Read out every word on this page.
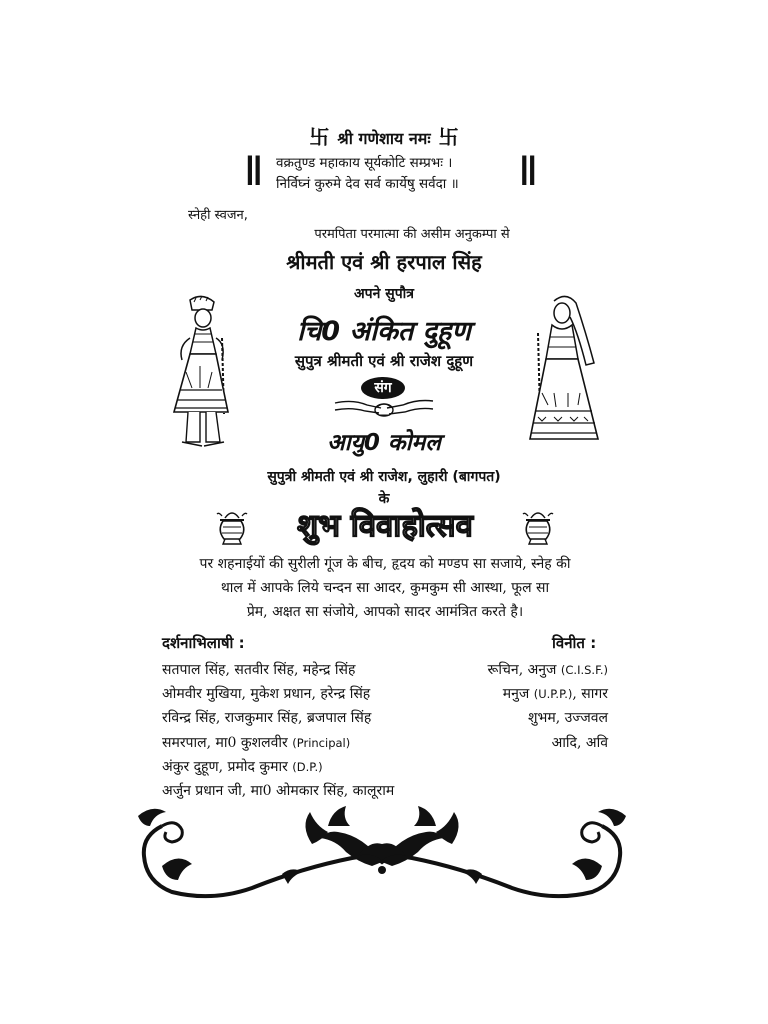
卐 श्री गणेशाय नमः 卐
ǀǀ वक्रतुण्ड महाकाय सूर्यकोटि सम्प्रभः ।
निर्विघ्नं कुरुमे देव सर्व कार्येषु सर्वदा ॥	ǀǀ
स्नेही स्वजन,
परमपिता परमात्मा की असीम अनुकम्पा से
श्रीमती एवं श्री हरपाल सिंह
अपने सुपौत्र
चि0 अंकित दुहूण
सुपुत्र श्रीमती एवं श्री राजेश दुहूण
संग
आयु0 कोमल
सुपुत्री श्रीमती एवं श्री राजेश, लुहारी (बागपत)
के
शुभ विवाहोत्सव
पर शहनाईयों की सुरीली गूंज के बीच, हृदय को मण्डप सा सजाये, स्नेह की
थाल में आपके लिये चन्दन सा आदर, कुमकुम सी आस्था, फूल सा
प्रेम, अक्षत सा संजोये, आपको सादर आमंत्रित करते है।
दर्शनाभिलाषी :	विनीत :
सतपाल सिंह, सतवीर सिंह, महेन्द्र सिंह
ओमवीर मुखिया, मुकेश प्रधान, हरेन्द्र सिंह
रविन्द्र सिंह, राजकुमार सिंह, ब्रजपाल सिंह
समरपाल, मा0 कुशलवीर (Principal)
अंकुर दुहूण, प्रमोद कुमार (D.P.)
अर्जुन प्रधान जी, मा0 ओमकार सिंह, कालूराम
रूचिन, अनुज (C.I.S.F.)
मनुज (U.P.P.), सागर
शुभम, उज्जवल
आदि, अवि
